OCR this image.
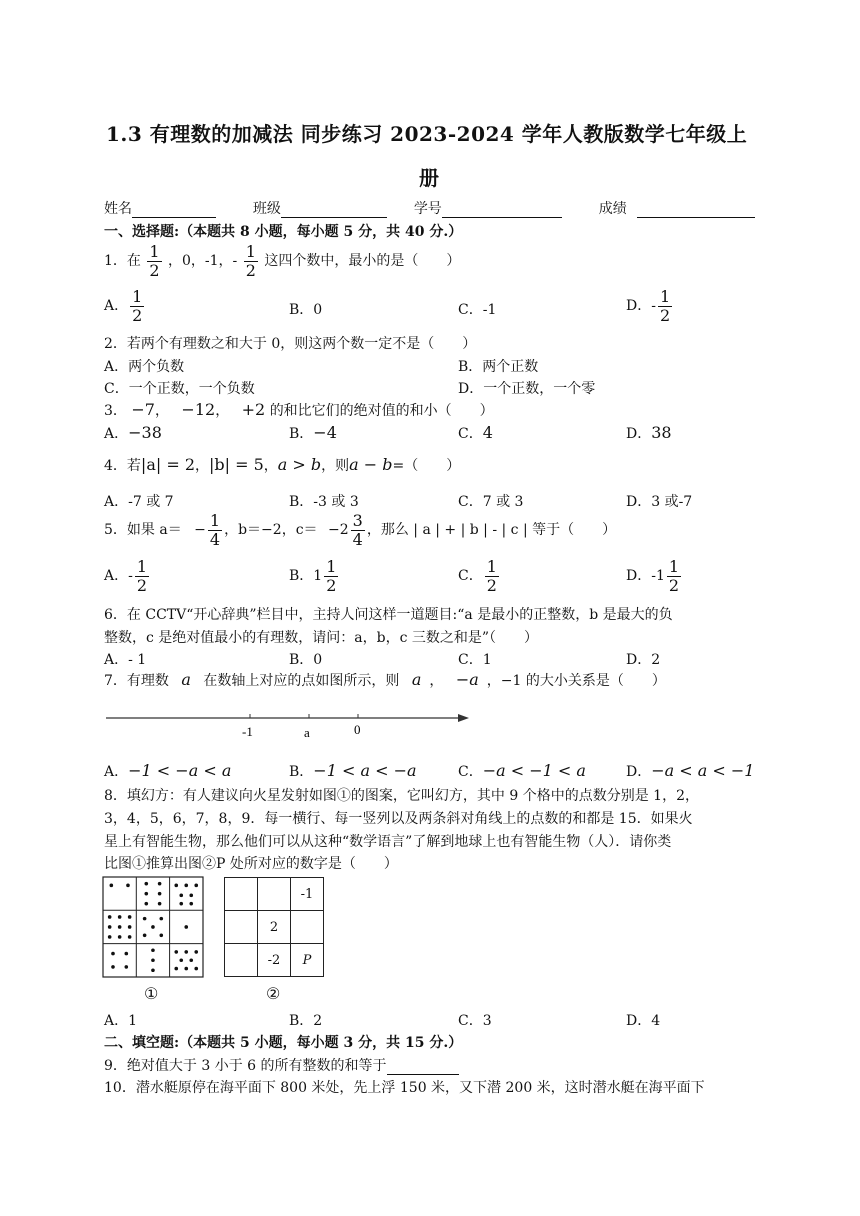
1.3 有理数的加减法 同步练习 2023-2024 学年人教版数学七年级上
册
姓名	班级	学号	成绩
一、选择题:（本题共 8 小题，每小题 5 分，共 40 分.）
1．在 $\frac{1}{2}$ ，0，-1，- $\frac{1}{2}$ 这四个数中，最小的是（　　）
A． $\frac{1}{2}$	B．0	C．-1	D．- $\frac{1}{2}$
2．若两个有理数之和大于 0，则这两个数一定不是（　　）
A．两个负数	B．两个正数
C．一个正数，一个负数	D．一个正数，一个零
3． −7， −12， +2 的和比它们的绝对值的和小（　　）
A．−38	B．−4	C．4	D．38
4．若|a| = 2，|b| = 5，a > b，则a − b=（　　）
A．-7 或 7	B．-3 或 3	C．7 或 3	D．3 或-7
5．如果 $a= - \frac{1}{4}$ ，b＝−2，$c= -2 \frac{3}{4}$ ，那么 | a | + | b | - | c | 等于（　　）
A．- $\frac{1}{2}$	B．$1 \frac{1}{2}$	C． $\frac{1}{2}$	D．$-1 \frac{1}{2}$
6．在 CCTV“开心辞典”栏目中，主持人问这样一道题目:“a 是最小的正整数，b 是最大的负
整数，c 是绝对值最小的有理数，请问：a，b，c 三数之和是”（　　）
A．- 1	B．0	C．1	D．2
7．有理数 a 在数轴上对应的点如图所示，则 a ， −a ，−1 的大小关系是（　　）
-1	a	0
A．−1 < −a < a	B．−1 < a < −a	C．−a < −1 < a	D．−a < a < −1
8．填幻方：有人建议向火星发射如图①的图案，它叫幻方，其中 9 个格中的点数分别是 1，2，
3，4，5，6，7，8，9．每一横行、每一竖列以及两条斜对角线上的点数的和都是 15．如果火
星上有智能生物，那么他们可以从这种“数学语言”了解到地球上也有智能生物（人）．请你类
比图①推算出图②P 处所对应的数字是（　　）
①
		-1
	2	
	-2	P
②
A．1	B．2	C．3	D．4
二、填空题:（本题共 5 小题，每小题 3 分，共 15 分.）
9．绝对值大于 3 小于 6 的所有整数的和等于
10．潜水艇原停在海平面下 800 米处，先上浮 150 米，又下潜 200 米，这时潜水艇在海平面下
